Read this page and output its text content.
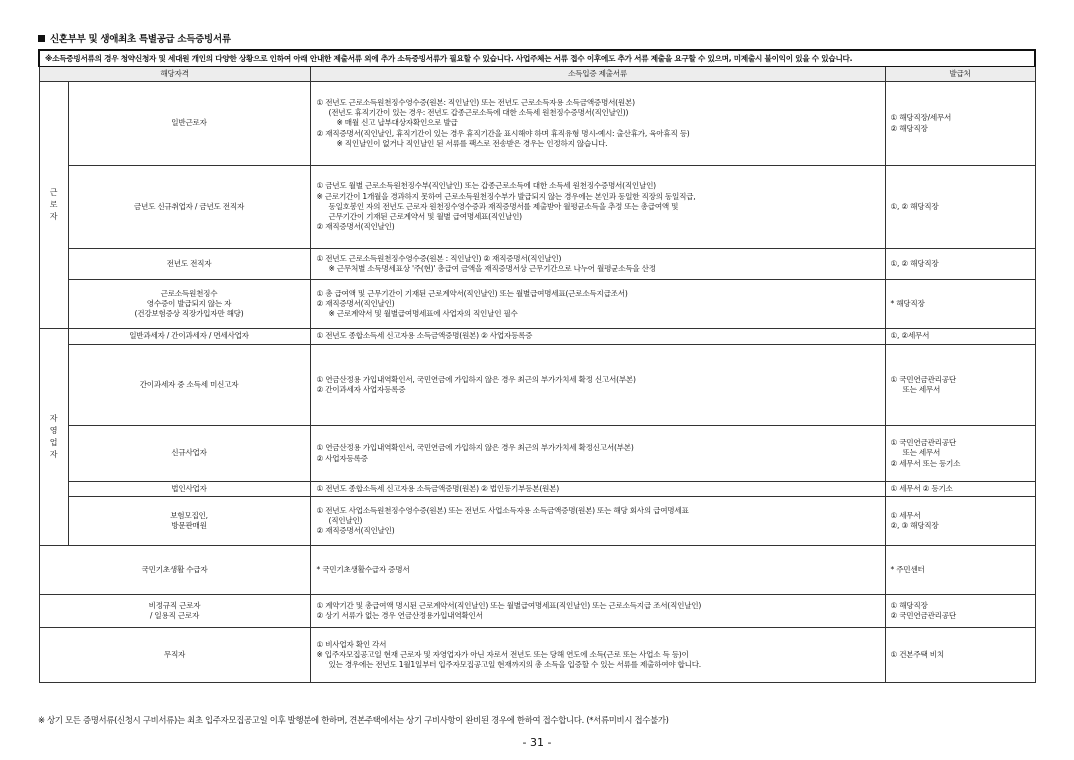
신혼부부 및 생애최초 특별공급 소득증빙서류
※소득증빙서류의 경우 청약신청자 및 세대원 개인의 다양한 상황으로 인하여 아래 안내한 제출서류 외에 추가 소득증빙서류가 필요할 수 있습니다. 사업주체는 서류 접수 이후에도 추가 서류 제출을 요구할 수 있으며, 미제출시 불이익이 있을 수 있습니다.			
해당자격		소득입증 제출서류	발급처
근로자	일반근로자	① 전년도 근로소득원천징수영수증(원본: 직인날인) 또는 전년도 근로소득자용 소득금액증명서(원본)
(전년도 휴직기간이 있는 경우: 전년도 갑종근로소득에 대한 소득세 원천징수증명서(직인날인))
※ 매월 신고 납부대상자확인으로 발급
② 재직증명서(직인날인, 휴직기간이 있는 경우 휴직기간을 표시해야 하며 휴직유형 명시-예시: 출산휴가, 육아휴직 등)
※ 직인날인이 없거나 직인날인 된 서류를 팩스로 전송받은 경우는 인정하지 않습니다.	① 해당직장/세무서
② 해당직장

	금년도 신규취업자 / 금년도 전직자	① 금년도 월별 근로소득원천징수부(직인날인) 또는 갑종근로소득에 대한 소득세 원천징수증명서(직인날인)
※ 근로기간이 1개월을 경과하지 못하여 근로소득원천징수부가 발급되지 않는 경우에는 본인과 동일한 직장의 동일직급,
동일호봉인 자의 전년도 근로자 원천징수영수증과 재직증명서를 제출받아 월평균소득을 추정 또는 총급여액 및
근무기간이 기재된 근로계약서 및 월별 급여명세표(직인날인)
② 재직증명서(직인날인)	①, ② 해당직장

	전년도 전직자	① 전년도 근로소득원천징수영수증(원본 : 직인날인) ② 재직증명서(직인날인)
※ 근무처별 소득명세표상 '주(현)' 총급여 금액을 재직증명서상 근무기간으로 나누어 월평균소득을 산정	①, ② 해당직장

	근로소득원천징수
영수증이 발급되지 않는 자
(건강보험증상 직장가입자만 해당)	① 총 급여액 및 근무기간이 기재된 근로계약서(직인날인) 또는 월별급여명세표(근로소득지급조서)
② 재직증명서(직인날인)
※ 근로계약서 및 월별급여명세표에 사업자의 직인날인 필수	* 해당직장

자영업자	일반과세자 / 간이과세자 / 면세사업자	① 전년도 종합소득세 신고자용 소득금액증명(원본) ② 사업자등록증	①, ②세무서

	간이과세자 중 소득세 미신고자	① 연금산정용 가입내역확인서, 국민연금에 가입하지 않은 경우 최근의 부가가치세 확정 신고서(부본)
② 간이과세자 사업자등록증	① 국민연금관리공단
또는 세무서

	신규사업자	① 연금산정용 가입내역확인서, 국민연금에 가입하지 않은 경우 최근의 부가가치세 확정신고서(부본)
② 사업자등록증	① 국민연금관리공단
또는 세무서
② 세무서 또는 등기소

	법인사업자	① 전년도 종합소득세 신고자용 소득금액증명(원본) ② 법인등기부등본(원본)	① 세무서 ② 등기소

	보험모집인,
방문판매원	① 전년도 사업소득원천징수영수증(원본) 또는 전년도 사업소득자용 소득금액증명(원본) 또는 해당 회사의 급여명세표
(직인날인)
② 재직증명서(직인날인)	① 세무서
②, ③ 해당직장

국민기초생활 수급자		* 국민기초생활수급자 증명서	* 주민센터

비정규직 근로자
/ 일용직 근로자		① 계약기간 및 총급여액 명시된 근로계약서(직인날인) 또는 월별급여명세표(직인날인) 또는 근로소득지급 조서(직인날인)
② 상기 서류가 없는 경우 연금산정용가입내역확인서	① 해당직장
② 국민연금관리공단

무직자		① 비사업자 확인 각서
※ 입주자모집공고일 현재 근로자 및 자영업자가 아닌 자로서 전년도 또는 당해 연도에 소득(근로 또는 사업소 득 등)이
있는 경우에는 전년도 1월1일부터 입주자모집공고일 현재까지의 총 소득을 입증할 수 있는 서류를 제출하여야 합니다.	① 건본주택 비치
※ 상기 모든 증명서류(신청시 구비서류)는 최초 입주자모집공고일 이후 발행분에 한하며, 견본주택에서는 상기 구비사항이 완비된 경우에 한하여 접수합니다. (*서류미비시 접수불가)
- 31 -
